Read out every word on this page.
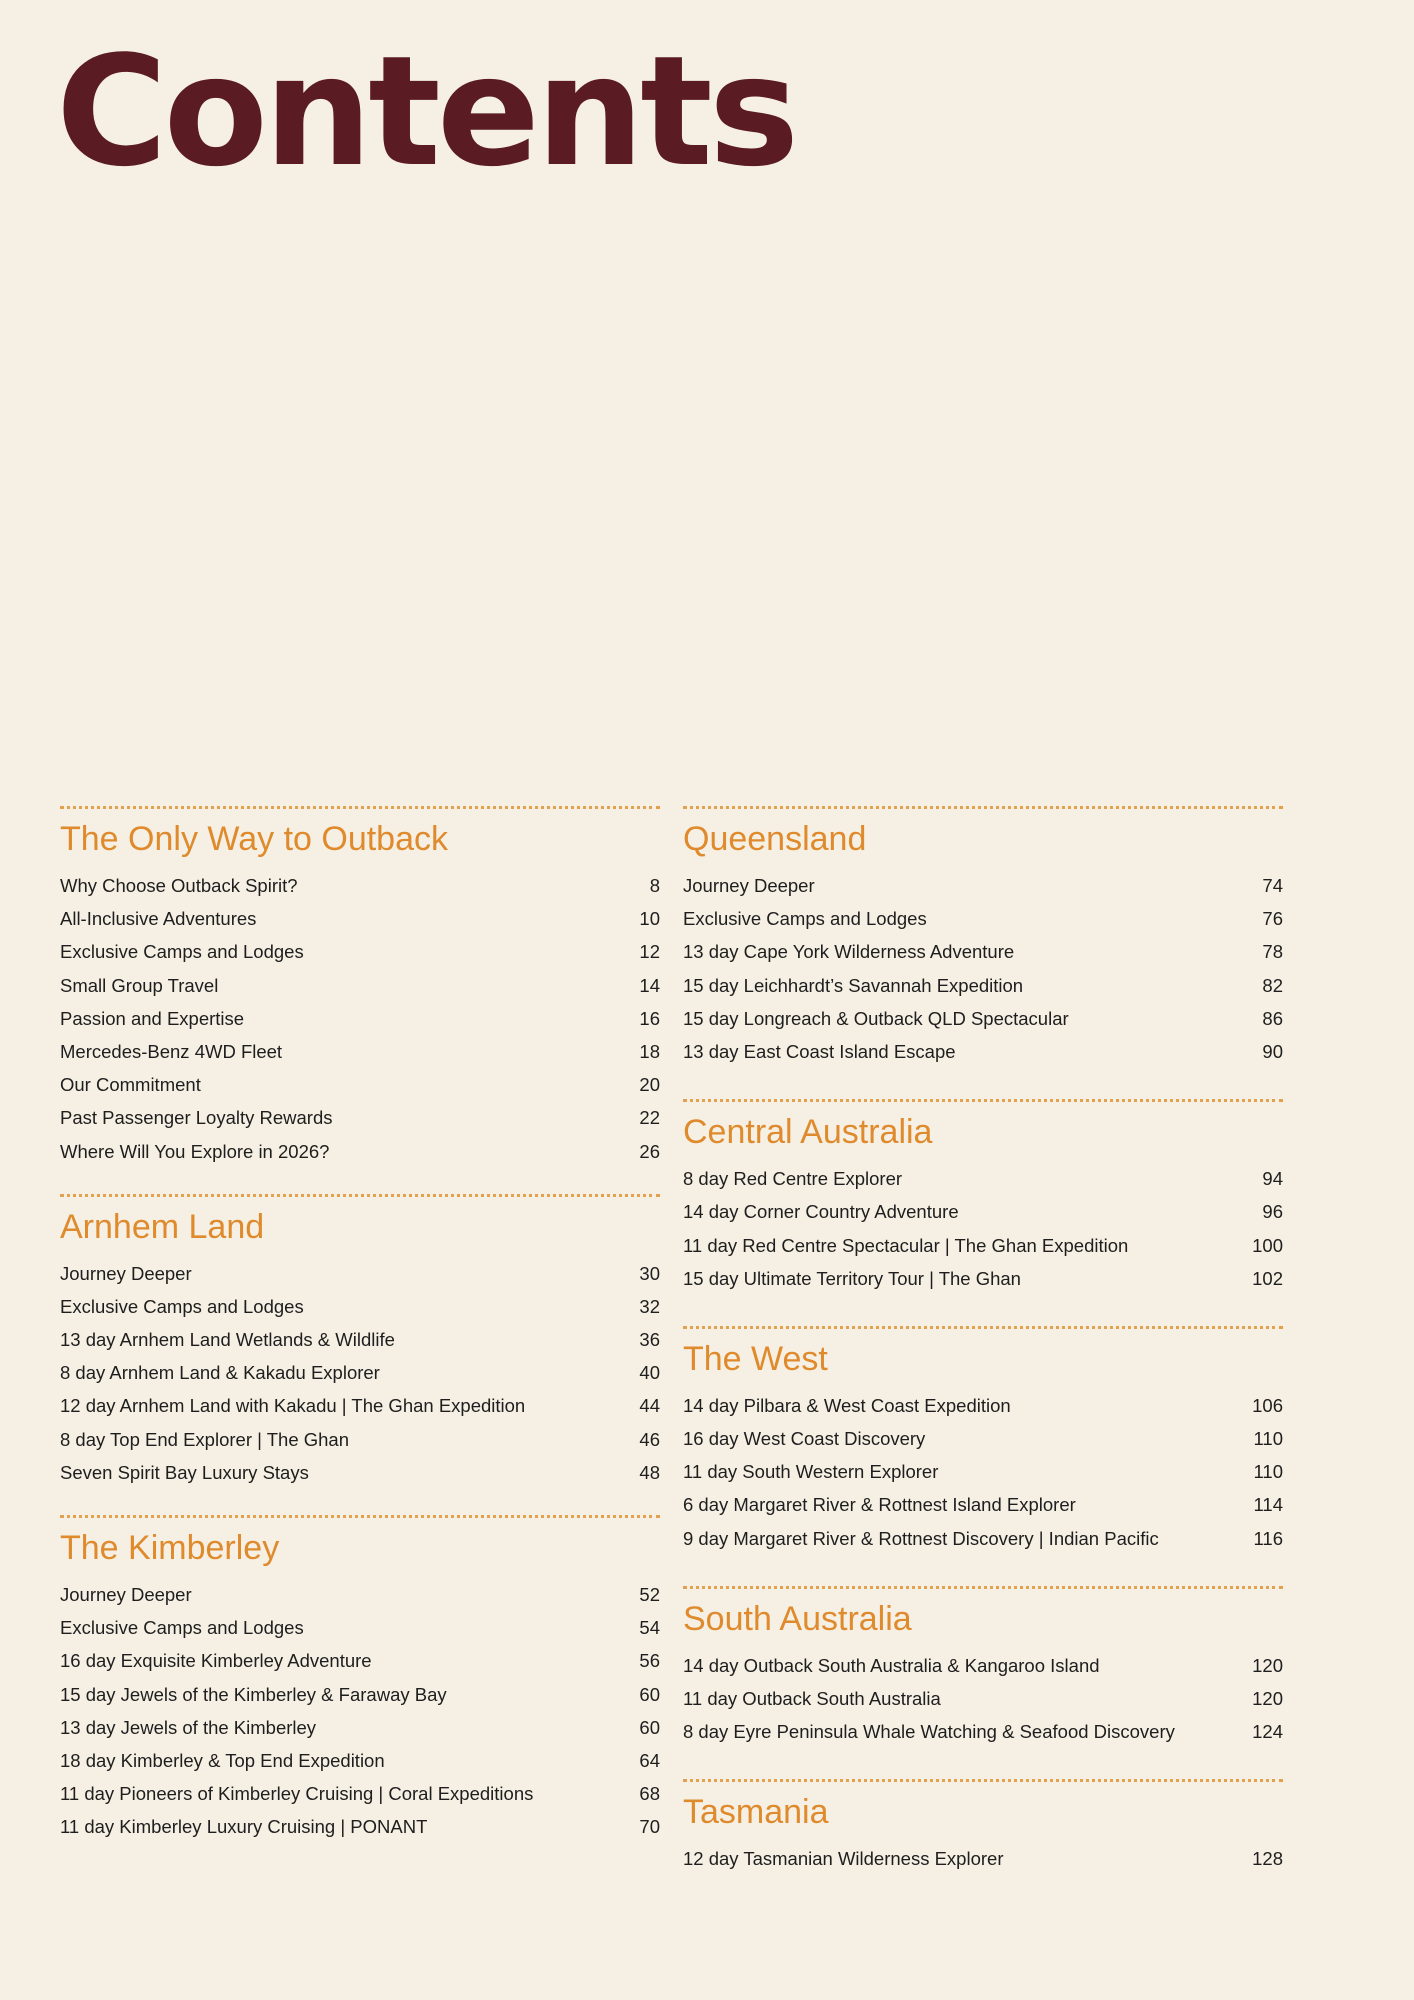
Contents
The Only Way to Outback
Why Choose Outback Spirit?	8
All-Inclusive Adventures	10
Exclusive Camps and Lodges	12
Small Group Travel	14
Passion and Expertise	16
Mercedes-Benz 4WD Fleet	18
Our Commitment	20
Past Passenger Loyalty Rewards	22
Where Will You Explore in 2026?	26
Arnhem Land
Journey Deeper	30
Exclusive Camps and Lodges	32
13 day Arnhem Land Wetlands & Wildlife	36
8 day Arnhem Land & Kakadu Explorer	40
12 day Arnhem Land with Kakadu | The Ghan Expedition	44
8 day Top End Explorer | The Ghan	46
Seven Spirit Bay Luxury Stays	48
The Kimberley
Journey Deeper	52
Exclusive Camps and Lodges	54
16 day Exquisite Kimberley Adventure	56
15 day Jewels of the Kimberley & Faraway Bay	60
13 day Jewels of the Kimberley	60
18 day Kimberley & Top End Expedition	64
11 day Pioneers of Kimberley Cruising | Coral Expeditions	68
11 day Kimberley Luxury Cruising | PONANT	70
Queensland
Journey Deeper	74
Exclusive Camps and Lodges	76
13 day Cape York Wilderness Adventure	78
15 day Leichhardt’s Savannah Expedition	82
15 day Longreach & Outback QLD Spectacular	86
13 day East Coast Island Escape	90
Central Australia
8 day Red Centre Explorer	94
14 day Corner Country Adventure	96
11 day Red Centre Spectacular | The Ghan Expedition	100
15 day Ultimate Territory Tour | The Ghan	102
The West
14 day Pilbara & West Coast Expedition	106
16 day West Coast Discovery	110
11 day South Western Explorer	110
6 day Margaret River & Rottnest Island Explorer	114
9 day Margaret River & Rottnest Discovery | Indian Pacific	116
South Australia
14 day Outback South Australia & Kangaroo Island	120
11 day Outback South Australia	120
8 day Eyre Peninsula Whale Watching & Seafood Discovery	124
Tasmania
12 day Tasmanian Wilderness Explorer	128
